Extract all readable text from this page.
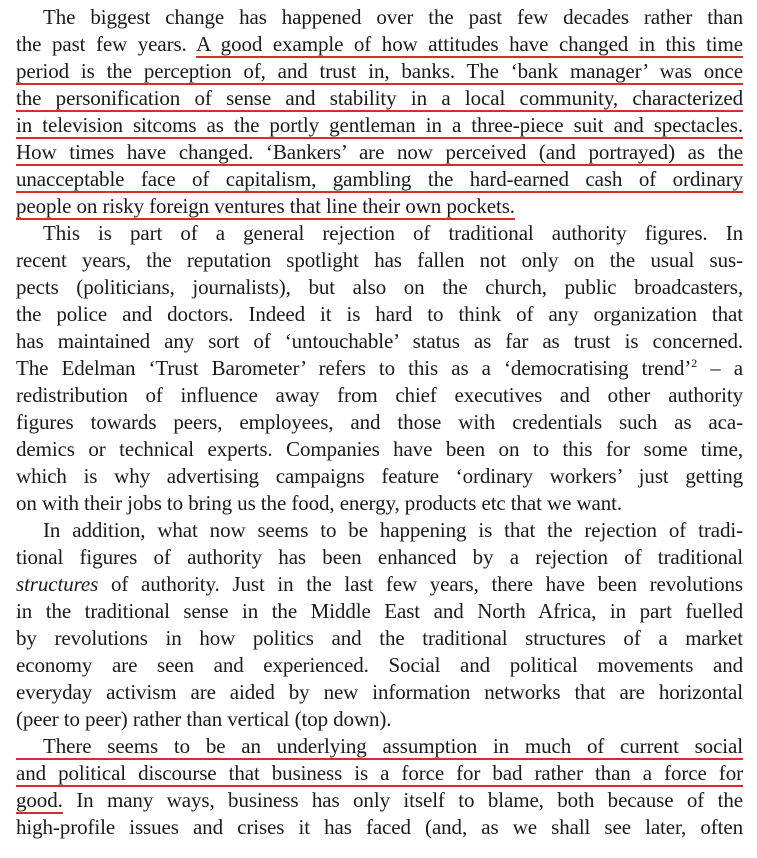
The biggest change has happened over the past few decades rather than
the past few years. A good example of how attitudes have changed in this time
period is the perception of, and trust in, banks. The ‘bank manager’ was once
the personification of sense and stability in a local community, characterized
in television sitcoms as the portly gentleman in a three-piece suit and spectacles.
How times have changed. ‘Bankers’ are now perceived (and portrayed) as the
unacceptable face of capitalism, gambling the hard-earned cash of ordinary
people on risky foreign ventures that line their own pockets.
This is part of a general rejection of traditional authority figures. In
recent years, the reputation spotlight has fallen not only on the usual sus-
pects (politicians, journalists), but also on the church, public broadcasters,
the police and doctors. Indeed it is hard to think of any organization that
has maintained any sort of ‘untouchable’ status as far as trust is concerned.
The Edelman ‘Trust Barometer’ refers to this as a ‘democratising trend’$^2$ – a
redistribution of influence away from chief executives and other authority
figures towards peers, employees, and those with credentials such as aca-
demics or technical experts. Companies have been on to this for some time,
which is why advertising campaigns feature ‘ordinary workers’ just getting
on with their jobs to bring us the food, energy, products etc that we want.
In addition, what now seems to be happening is that the rejection of tradi-
tional figures of authority has been enhanced by a rejection of traditional
structures of authority. Just in the last few years, there have been revolutions
in the traditional sense in the Middle East and North Africa, in part fuelled
by revolutions in how politics and the traditional structures of a market
economy are seen and experienced. Social and political movements and
everyday activism are aided by new information networks that are horizontal
(peer to peer) rather than vertical (top down).
There seems to be an underlying assumption in much of current social
and political discourse that business is a force for bad rather than a force for
good. In many ways, business has only itself to blame, both because of the
high-profile issues and crises it has faced (and, as we shall see later, often
